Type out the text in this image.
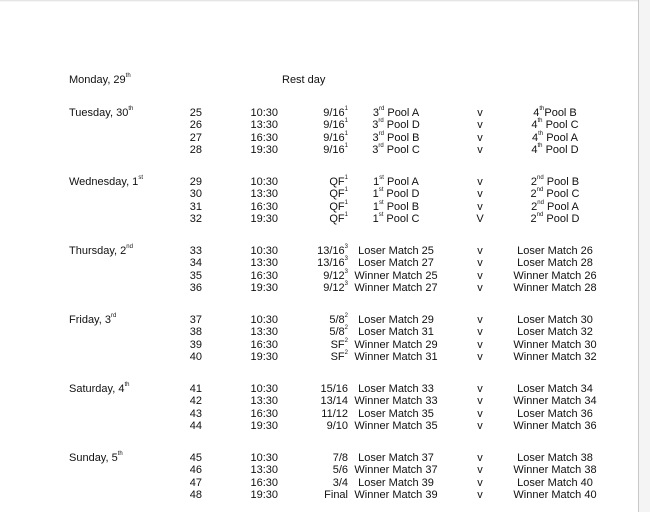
Monday, 29th	Rest day
Tuesday, 30th	25	10:30	$9/16^1$	3rd Pool A	v	4thPool B
26	13:30	$9/16^1$	3rd Pool D	v	4th Pool C
27	16:30	$9/16^1$	3rd Pool B	v	4th Pool A
28	19:30	$9/16^1$	3rd Pool C	v	4th Pool D
Wednesday, 1st	29	10:30	$QF^1$	1st Pool A	v	2nd Pool B
30	13:30	$QF^1$	1st Pool D	v	2nd Pool C
31	16:30	$QF^1$	1st Pool B	v	2nd Pool A
32	19:30	$QF^1$	1st Pool C	V	2nd Pool D
Thursday, 2nd	33	10:30	$13/16^3$ Loser Match 25	v	Loser Match 26
34	13:30	$13/16^3$ Loser Match 27	v	Loser Match 28
35	16:30	$9/12^3$ Winner Match 25	v	Winner Match 26
36	19:30	$9/12^3$ Winner Match 27	v	Winner Match 28
Friday, 3rd	37	10:30	$5/8^2$ Loser Match 29	v	Loser Match 30
38	13:30	$5/8^2$ Loser Match 31	v	Loser Match 32
39	16:30	$SF^2$ Winner Match 29	v	Winner Match 30
40	19:30	$SF^2$ Winner Match 31	v	Winner Match 32
Saturday, 4th	41	10:30	15/16 Loser Match 33	v	Loser Match 34
42	13:30	13/14 Winner Match 33	v	Winner Match 34
43	16:30	11/12 Loser Match 35	v	Loser Match 36
44	19:30	9/10 Winner Match 35	v	Winner Match 36
Sunday, 5th	45	10:30	7/8 Loser Match 37	v	Loser Match 38
46	13:30	5/6 Winner Match 37	v	Winner Match 38
47	16:30	3/4 Loser Match 39	v	Loser Match 40
48	19:30	Final Winner Match 39	v	Winner Match 40
